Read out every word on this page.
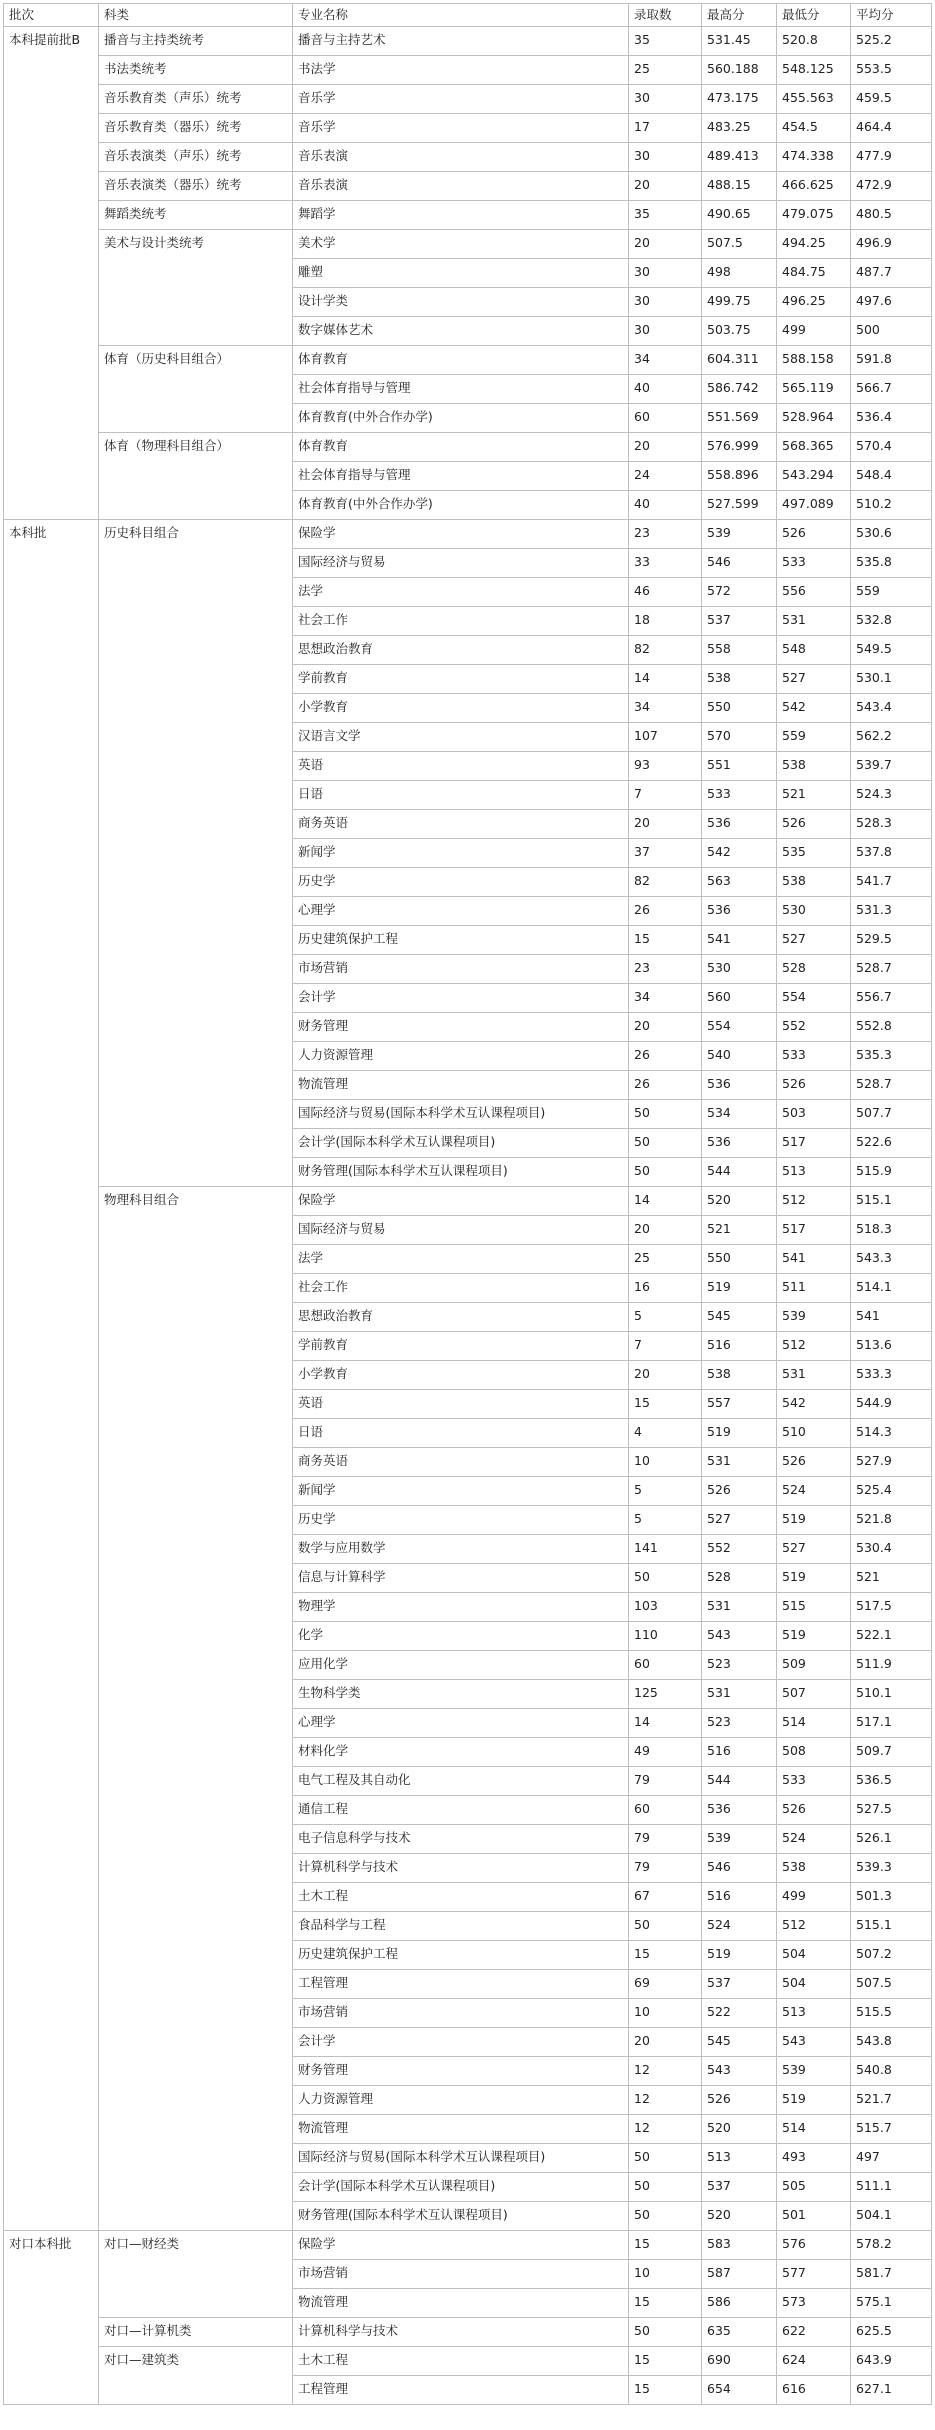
批次	科类	专业名称	录取数	最高分	最低分	平均分
本科提前批B	播音与主持类统考	播音与主持艺术	35	531.45	520.8	525.2
	书法类统考	书法学	25	560.188	548.125	553.5
	音乐教育类（声乐）统考	音乐学	30	473.175	455.563	459.5
	音乐教育类（器乐）统考	音乐学	17	483.25	454.5	464.4
	音乐表演类（声乐）统考	音乐表演	30	489.413	474.338	477.9
	音乐表演类（器乐）统考	音乐表演	20	488.15	466.625	472.9
	舞蹈类统考	舞蹈学	35	490.65	479.075	480.5
	美术与设计类统考	美术学	20	507.5	494.25	496.9
		雕塑	30	498	484.75	487.7
		设计学类	30	499.75	496.25	497.6
		数字媒体艺术	30	503.75	499	500
	体育（历史科目组合）	体育教育	34	604.311	588.158	591.8
		社会体育指导与管理	40	586.742	565.119	566.7
		体育教育(中外合作办学)	60	551.569	528.964	536.4
	体育（物理科目组合）	体育教育	20	576.999	568.365	570.4
		社会体育指导与管理	24	558.896	543.294	548.4
		体育教育(中外合作办学)	40	527.599	497.089	510.2
本科批	历史科目组合	保险学	23	539	526	530.6
		国际经济与贸易	33	546	533	535.8
		法学	46	572	556	559
		社会工作	18	537	531	532.8
		思想政治教育	82	558	548	549.5
		学前教育	14	538	527	530.1
		小学教育	34	550	542	543.4
		汉语言文学	107	570	559	562.2
		英语	93	551	538	539.7
		日语	7	533	521	524.3
		商务英语	20	536	526	528.3
		新闻学	37	542	535	537.8
		历史学	82	563	538	541.7
		心理学	26	536	530	531.3
		历史建筑保护工程	15	541	527	529.5
		市场营销	23	530	528	528.7
		会计学	34	560	554	556.7
		财务管理	20	554	552	552.8
		人力资源管理	26	540	533	535.3
		物流管理	26	536	526	528.7
		国际经济与贸易(国际本科学术互认课程项目)	50	534	503	507.7
		会计学(国际本科学术互认课程项目)	50	536	517	522.6
		财务管理(国际本科学术互认课程项目)	50	544	513	515.9
	物理科目组合	保险学	14	520	512	515.1
		国际经济与贸易	20	521	517	518.3
		法学	25	550	541	543.3
		社会工作	16	519	511	514.1
		思想政治教育	5	545	539	541
		学前教育	7	516	512	513.6
		小学教育	20	538	531	533.3
		英语	15	557	542	544.9
		日语	4	519	510	514.3
		商务英语	10	531	526	527.9
		新闻学	5	526	524	525.4
		历史学	5	527	519	521.8
		数学与应用数学	141	552	527	530.4
		信息与计算科学	50	528	519	521
		物理学	103	531	515	517.5
		化学	110	543	519	522.1
		应用化学	60	523	509	511.9
		生物科学类	125	531	507	510.1
		心理学	14	523	514	517.1
		材料化学	49	516	508	509.7
		电气工程及其自动化	79	544	533	536.5
		通信工程	60	536	526	527.5
		电子信息科学与技术	79	539	524	526.1
		计算机科学与技术	79	546	538	539.3
		土木工程	67	516	499	501.3
		食品科学与工程	50	524	512	515.1
		历史建筑保护工程	15	519	504	507.2
		工程管理	69	537	504	507.5
		市场营销	10	522	513	515.5
		会计学	20	545	543	543.8
		财务管理	12	543	539	540.8
		人力资源管理	12	526	519	521.7
		物流管理	12	520	514	515.7
		国际经济与贸易(国际本科学术互认课程项目)	50	513	493	497
		会计学(国际本科学术互认课程项目)	50	537	505	511.1
		财务管理(国际本科学术互认课程项目)	50	520	501	504.1
对口本科批	对口—财经类	保险学	15	583	576	578.2
		市场营销	10	587	577	581.7
		物流管理	15	586	573	575.1
	对口—计算机类	计算机科学与技术	50	635	622	625.5
	对口—建筑类	土木工程	15	690	624	643.9
		工程管理	15	654	616	627.1
